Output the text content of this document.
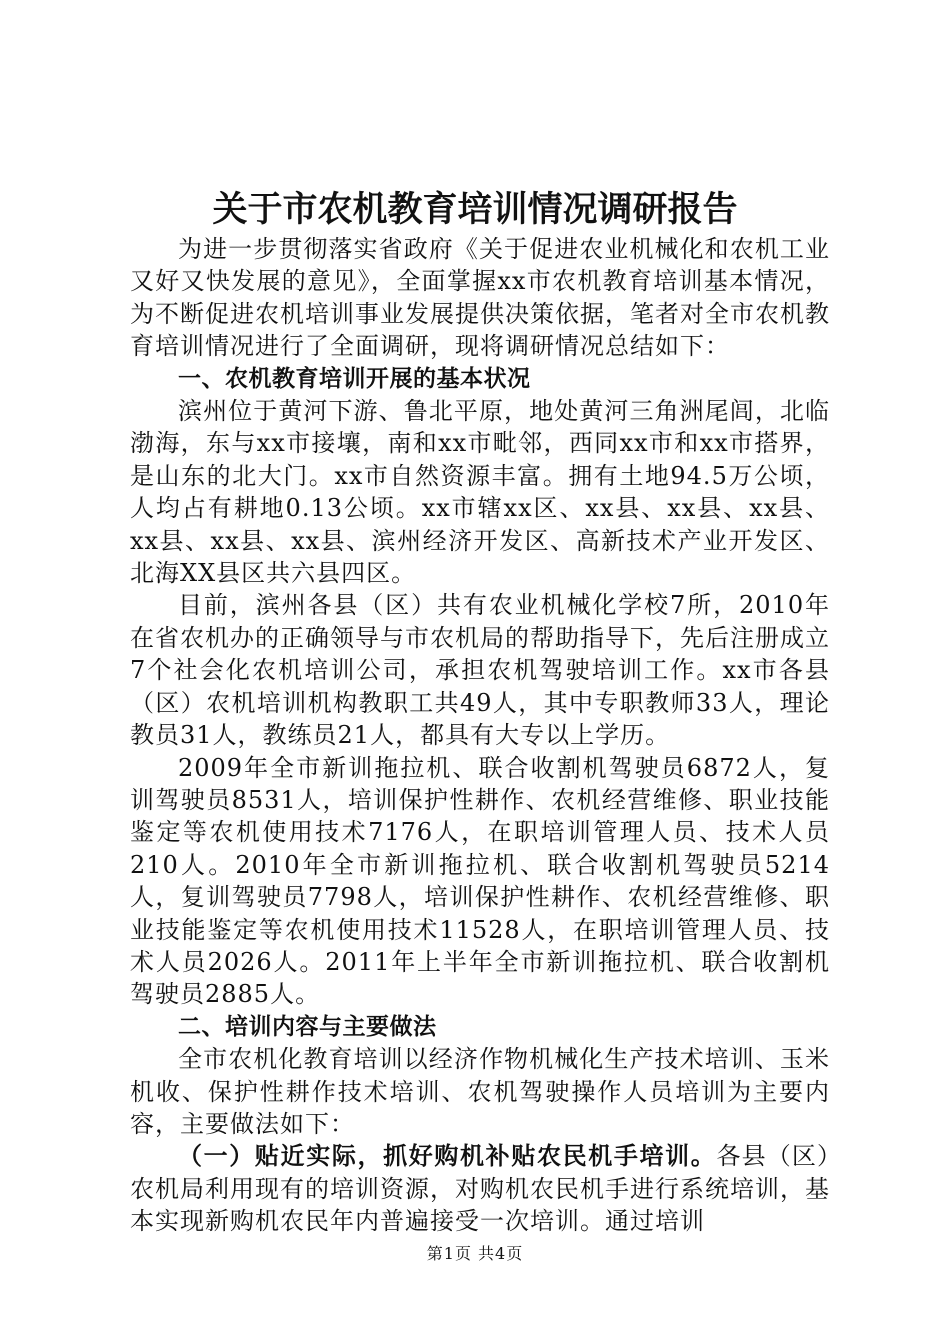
关于市农机教育培训情况调研报告

为进一步贯彻落实省政府《关于促进农业机械化和农机工业又好又快发展的意见》，全面掌握xx市农机教育培训基本情况，为不断促进农机培训事业发展提供决策依据，笔者对全市农机教育培训情况进行了全面调研，现将调研情况总结如下：

一、农机教育培训开展的基本状况

滨州位于黄河下游、鲁北平原，地处黄河三角洲尾闾，北临渤海，东与xx市接壤，南和xx市毗邻，西同xx市和xx市搭界，是山东的北大门。xx市自然资源丰富。拥有土地94.5万公顷，人均占有耕地0.13公顷。xx市辖xx区、xx县、xx县、xx县、xx县、xx县、xx县、滨州经济开发区、高新技术产业开发区、北海XX县区共六县四区。

目前，滨州各县（区）共有农业机械化学校7所，2010年在省农机办的正确领导与市农机局的帮助指导下，先后注册成立7个社会化农机培训公司，承担农机驾驶培训工作。xx市各县（区）农机培训机构教职工共49人，其中专职教师33人，理论教员31人，教练员21人，都具有大专以上学历。

2009年全市新训拖拉机、联合收割机驾驶员6872人，复训驾驶员8531人，培训保护性耕作、农机经营维修、职业技能鉴定等农机使用技术7176人，在职培训管理人员、技术人员210人。2010年全市新训拖拉机、联合收割机驾驶员5214人，复训驾驶员7798人，培训保护性耕作、农机经营维修、职业技能鉴定等农机使用技术11528人，在职培训管理人员、技术人员2026人。2011年上半年全市新训拖拉机、联合收割机驾驶员2885人。

二、培训内容与主要做法

全市农机化教育培训以经济作物机械化生产技术培训、玉米机收、保护性耕作技术培训、农机驾驶操作人员培训为主要内容，主要做法如下：

（一）贴近实际，抓好购机补贴农民机手培训。各县（区）农机局利用现有的培训资源，对购机农民机手进行系统培训，基本实现新购机农民年内普遍接受一次培训。通过培训

第1页 共4页
